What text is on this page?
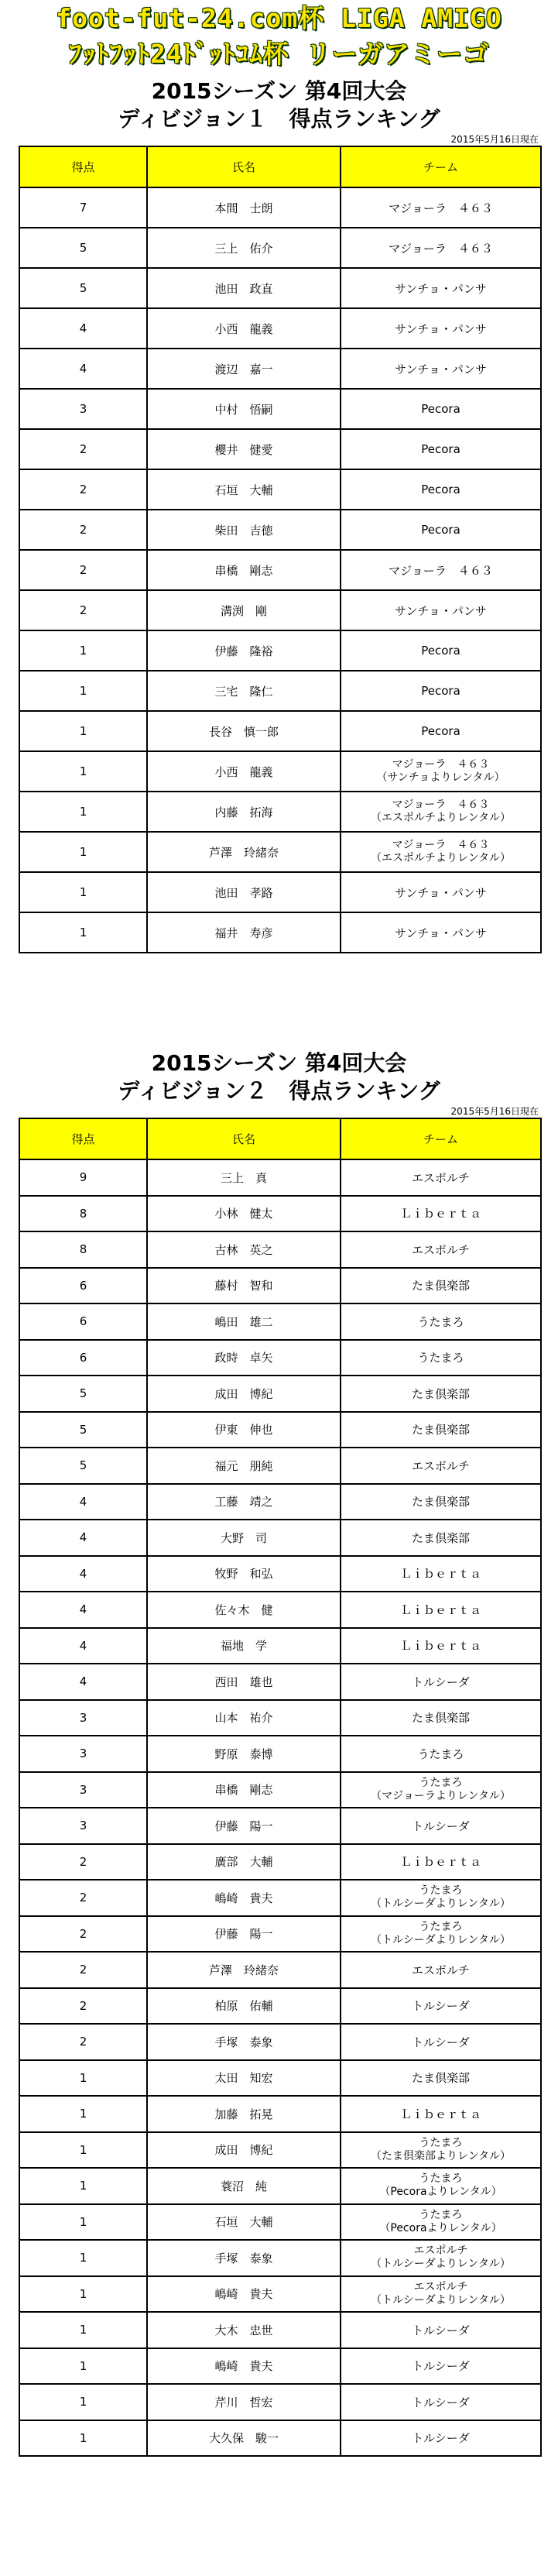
foot-fut-24.com杯 LIGA AMIGO
ﾌｯﾄﾌｯﾄ24ﾄﾞｯﾄｺﾑ杯 リーガアミーゴ
2015シーズン 第4回大会
ディビジョン１　得点ランキング
2015年5月16日現在
得点	氏名	チーム
7	本間　士朗	マジョーラ　４６３

5	三上　佑介	マジョーラ　４６３

5	池田　政直	サンチョ・パンサ

4	小西　龍義	サンチョ・パンサ

4	渡辺　嘉一	サンチョ・パンサ

3	中村　悟嗣	Pecora

2	櫻井　健愛	Pecora

2	石垣　大輔	Pecora

2	柴田　吉徳	Pecora

2	串橋　剛志	マジョーラ　４６３

2	溝渕　剛	サンチョ・パンサ

1	伊藤　隆裕	Pecora

1	三宅　隆仁	Pecora

1	長谷　慎一郎	Pecora

1	小西　龍義	マジョーラ　４６３
（サンチョよりレンタル）

1	内藤　拓海	マジョーラ　４６３
（エスポルチよりレンタル）

1	芦澤　玲緒奈	マジョーラ　４６３
（エスポルチよりレンタル）

1	池田　孝路	サンチョ・パンサ

1	福井　寿彦	サンチョ・パンサ
2015シーズン 第4回大会
ディビジョン２　得点ランキング
2015年5月16日現在
得点	氏名	チーム
9	三上　真	エスポルチ

8	小林　健太	Ｌｉｂｅｒｔａ

8	古林　英之	エスポルチ

6	藤村　智和	たま倶楽部

6	嶋田　雄二	うたまろ

6	政時　卓矢	うたまろ

5	成田　博紀	たま倶楽部

5	伊東　伸也	たま倶楽部

5	福元　朋純	エスポルチ

4	工藤　靖之	たま倶楽部

4	大野　司	たま倶楽部

4	牧野　和弘	Ｌｉｂｅｒｔａ

4	佐々木　健	Ｌｉｂｅｒｔａ

4	福地　学	Ｌｉｂｅｒｔａ

4	西田　雄也	トルシーダ

3	山本　祐介	たま倶楽部

3	野原　泰博	うたまろ

3	串橋　剛志	うたまろ
（マジョーラよりレンタル）

3	伊藤　陽一	トルシーダ

2	廣部　大輔	Ｌｉｂｅｒｔａ

2	嶋崎　貴夫	うたまろ
（トルシーダよりレンタル）

2	伊藤　陽一	うたまろ
（トルシーダよりレンタル）

2	芦澤　玲緒奈	エスポルチ

2	柏原　佑輔	トルシーダ

2	手塚　泰象	トルシーダ

1	太田　知宏	たま倶楽部

1	加藤　拓晃	Ｌｉｂｅｒｔａ

1	成田　博紀	うたまろ
（たま倶楽部よりレンタル）

1	蓑沼　純	うたまろ
（Pecoraよりレンタル）

1	石垣　大輔	うたまろ
（Pecoraよりレンタル）

1	手塚　泰象	エスポルチ
（トルシーダよりレンタル）

1	嶋崎　貴夫	エスポルチ
（トルシーダよりレンタル）

1	大木　忠世	トルシーダ

1	嶋崎　貴夫	トルシーダ

1	芹川　哲宏	トルシーダ

1	大久保　駿一	トルシーダ
